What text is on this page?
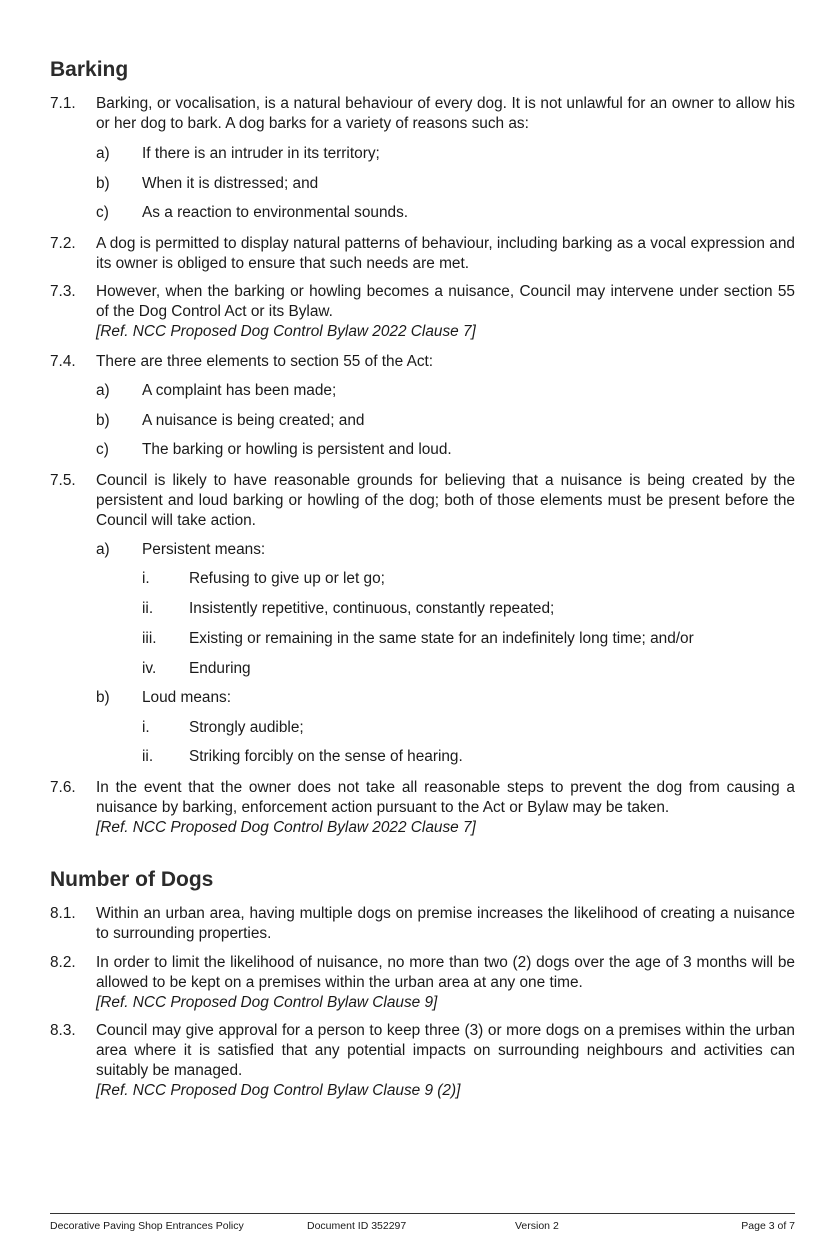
Barking
7.1. Barking, or vocalisation, is a natural behaviour of every dog. It is not unlawful for an owner to allow his or her dog to bark. A dog barks for a variety of reasons such as:
a) If there is an intruder in its territory;
b) When it is distressed; and
c) As a reaction to environmental sounds.
7.2. A dog is permitted to display natural patterns of behaviour, including barking as a vocal expression and its owner is obliged to ensure that such needs are met.
7.3. However, when the barking or howling becomes a nuisance, Council may intervene under section 55 of the Dog Control Act or its Bylaw.
[Ref. NCC Proposed Dog Control Bylaw 2022 Clause 7]
7.4. There are three elements to section 55 of the Act:
a) A complaint has been made;
b) A nuisance is being created; and
c) The barking or howling is persistent and loud.
7.5. Council is likely to have reasonable grounds for believing that a nuisance is being created by the persistent and loud barking or howling of the dog; both of those elements must be present before the Council will take action.
a) Persistent means:
i.	Refusing to give up or let go;
ii. Insistently repetitive, continuous, constantly repeated;
iii. Existing or remaining in the same state for an indefinitely long time; and/or
iv. Enduring
b) Loud means:
i.	Strongly audible;
ii. Striking forcibly on the sense of hearing.
7.6. In the event that the owner does not take all reasonable steps to prevent the dog from causing a nuisance by barking, enforcement action pursuant to the Act or Bylaw may be taken.
[Ref. NCC Proposed Dog Control Bylaw 2022 Clause 7]
Number of Dogs
8.1. Within an urban area, having multiple dogs on premise increases the likelihood of creating a nuisance to surrounding properties.
8.2. In order to limit the likelihood of nuisance, no more than two (2) dogs over the age of 3 months will be allowed to be kept on a premises within the urban area at any one time.
[Ref. NCC Proposed Dog Control Bylaw Clause 9]
8.3. Council may give approval for a person to keep three (3) or more dogs on a premises within the urban area where it is satisfied that any potential impacts on surrounding neighbours and activities can suitably be managed.
[Ref. NCC Proposed Dog Control Bylaw Clause 9 (2)]
Decorative Paving Shop Entrances Policy	Document ID 352297	Version 2	Page 3 of 7
